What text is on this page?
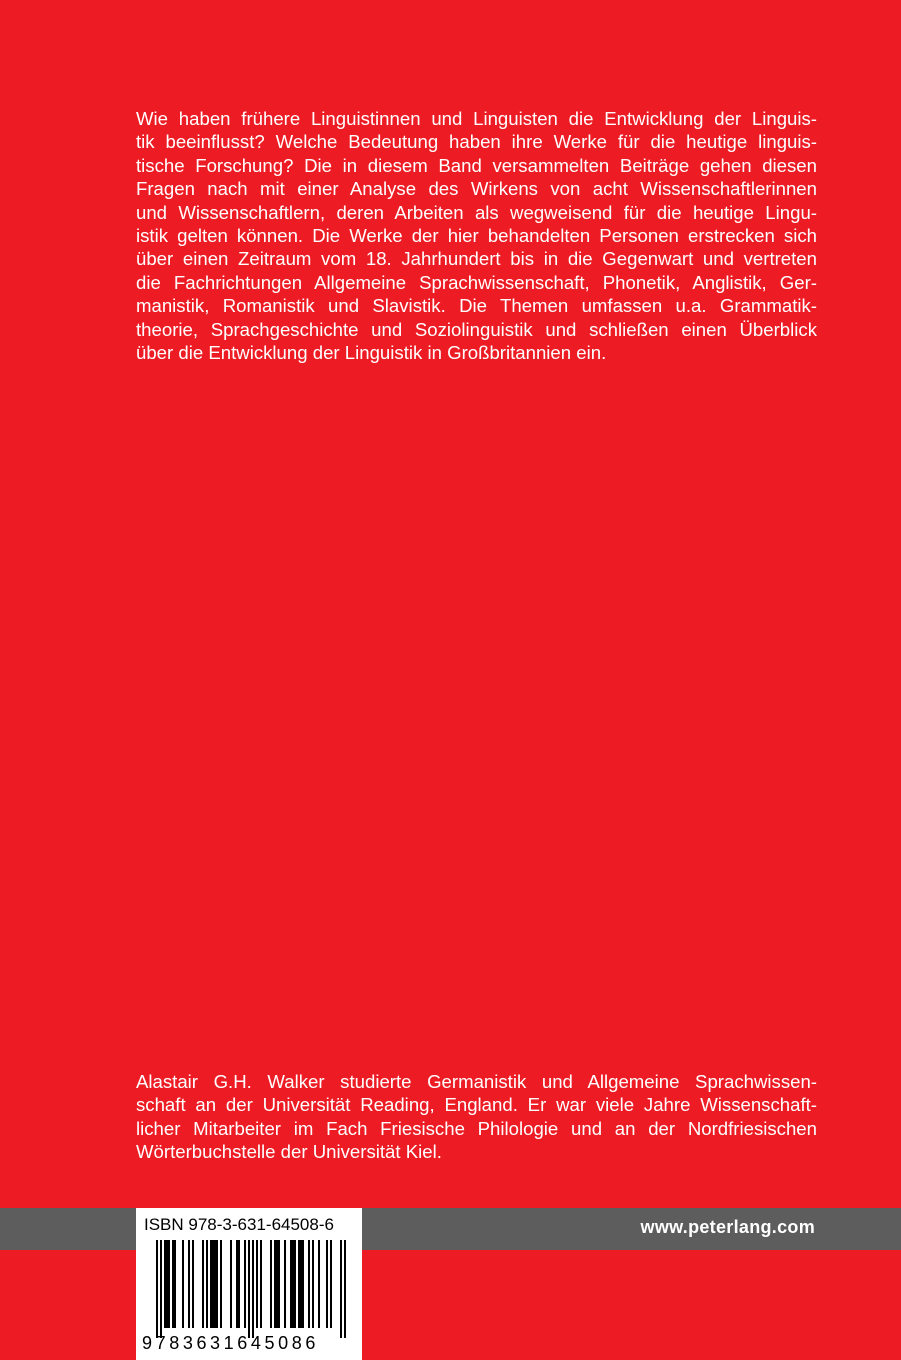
Wie haben frühere Linguistinnen und Linguisten die Entwicklung der Linguis-
tik beeinflusst? Welche Bedeutung haben ihre Werke für die heutige linguis-
tische Forschung? Die in diesem Band versammelten Beiträge gehen diesen
Fragen nach mit einer Analyse des Wirkens von acht Wissenschaftlerinnen
und Wissenschaftlern, deren Arbeiten als wegweisend für die heutige Lingu-
istik gelten können. Die Werke der hier behandelten Personen erstrecken sich
über einen Zeitraum vom 18. Jahrhundert bis in die Gegenwart und vertreten
die Fachrichtungen Allgemeine Sprachwissenschaft, Phonetik, Anglistik, Ger-
manistik, Romanistik und Slavistik. Die Themen umfassen u.a. Grammatik-
theorie, Sprachgeschichte und Soziolinguistik und schließen einen Überblick
über die Entwicklung der Linguistik in Großbritannien ein.
Alastair G.H. Walker studierte Germanistik und Allgemeine Sprachwissen-
schaft an der Universität Reading, England. Er war viele Jahre Wissenschaft-
licher Mitarbeiter im Fach Friesische Philologie und an der Nordfriesischen
Wörterbuchstelle der Universität Kiel.
www.peterlang.com
ISBN 978-3-631-64508-6
9783631645086
